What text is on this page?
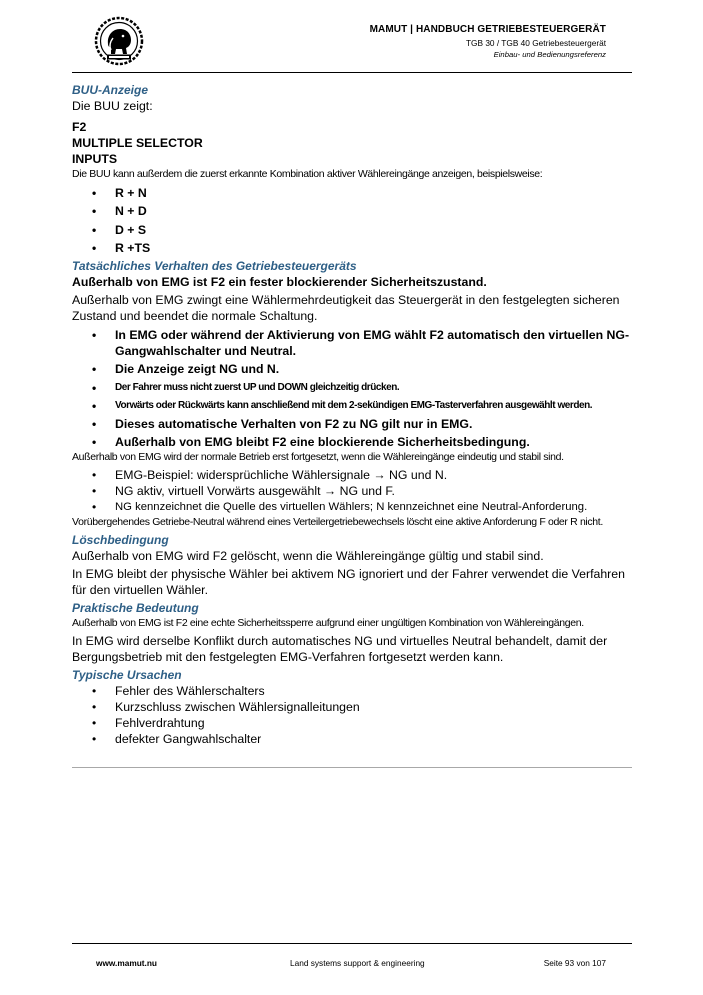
MAMUT | HANDBUCH GETRIEBESTEUERGERÄT
TGB 30 / TGB 40 Getriebesteuergerät
Einbau- und Bedienungsreferenz
BUU-Anzeige
Die BUU zeigt:
F2
MULTIPLE SELECTOR
INPUTS
Die BUU kann außerdem die zuerst erkannte Kombination aktiver Wählereingänge anzeigen, beispielsweise:
• R + N
• N + D
• D + S
• R +TS
Tatsächliches Verhalten des Getriebesteuergeräts
Außerhalb von EMG ist F2 ein fester blockierender Sicherheitszustand.
Außerhalb von EMG zwingt eine Wählermehrdeutigkeit das Steuergerät in den festgelegten sicheren Zustand und beendet die normale Schaltung.
• In EMG oder während der Aktivierung von EMG wählt F2 automatisch den virtuellen NG-Gangwahlschalter und Neutral.
• Die Anzeige zeigt NG und N.
• Der Fahrer muss nicht zuerst UP und DOWN gleichzeitig drücken.
• Vorwärts oder Rückwärts kann anschließend mit dem 2-sekündigen EMG-Tasterverfahren ausgewählt werden.
• Dieses automatische Verhalten von F2 zu NG gilt nur in EMG.
• Außerhalb von EMG bleibt F2 eine blockierende Sicherheitsbedingung.
Außerhalb von EMG wird der normale Betrieb erst fortgesetzt, wenn die Wählereingänge eindeutig und stabil sind.
• EMG-Beispiel: widersprüchliche Wählersignale → NG und N.
• NG aktiv, virtuell Vorwärts ausgewählt → NG und F.
• NG kennzeichnet die Quelle des virtuellen Wählers; N kennzeichnet eine Neutral-Anforderung.
Vorübergehendes Getriebe-Neutral während eines Verteilergetriebewechsels löscht eine aktive Anforderung F oder R nicht.
Löschbedingung
Außerhalb von EMG wird F2 gelöscht, wenn die Wählereingänge gültig und stabil sind.
In EMG bleibt der physische Wähler bei aktivem NG ignoriert und der Fahrer verwendet die Verfahren für den virtuellen Wähler.
Praktische Bedeutung
Außerhalb von EMG ist F2 eine echte Sicherheitssperre aufgrund einer ungültigen Kombination von Wählereingängen.
In EMG wird derselbe Konflikt durch automatisches NG und virtuelles Neutral behandelt, damit der Bergungsbetrieb mit den festgelegten EMG-Verfahren fortgesetzt werden kann.
Typische Ursachen
• Fehler des Wählerschalters
• Kurzschluss zwischen Wählersignalleitungen
• Fehlverdrahtung
• defekter Gangwahlschalter
www.mamut.nu	Land systems support & engineering	Seite 93 von 107
